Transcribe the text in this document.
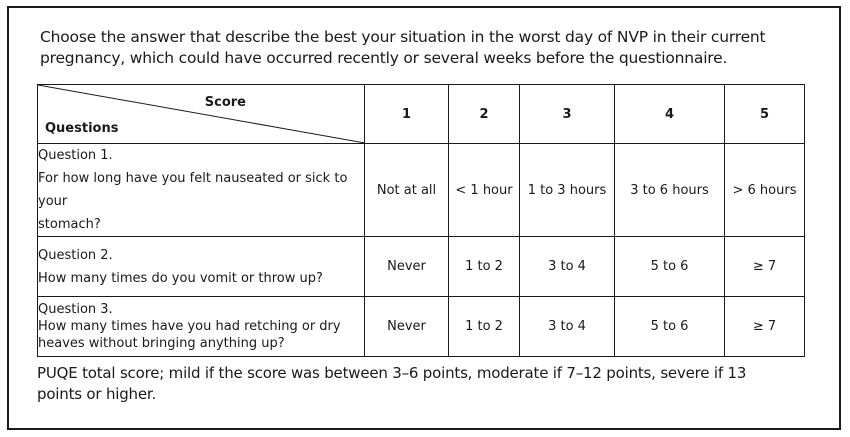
Choose the answer that describe the best your situation in the worst day of NVP in their current
pregnancy, which could have occurred recently or several weeks before the questionnaire.
Score
Questions	1	2	3	4	5

Question 1.
For how long have you felt nauseated or sick to your
stomach?	Not at all	< 1 hour	1 to 3 hours	3 to 6 hours	> 6 hours

Question 2.
How many times do you vomit or throw up?	Never	1 to 2	3 to 4	5 to 6	≥ 7

Question 3.
How many times have you had retching or dry
heaves without bringing anything up?	Never	1 to 2	3 to 4	5 to 6	≥ 7
PUQE total score; mild if the score was between 3–6 points, moderate if 7–12 points, severe if 13
points or higher.
